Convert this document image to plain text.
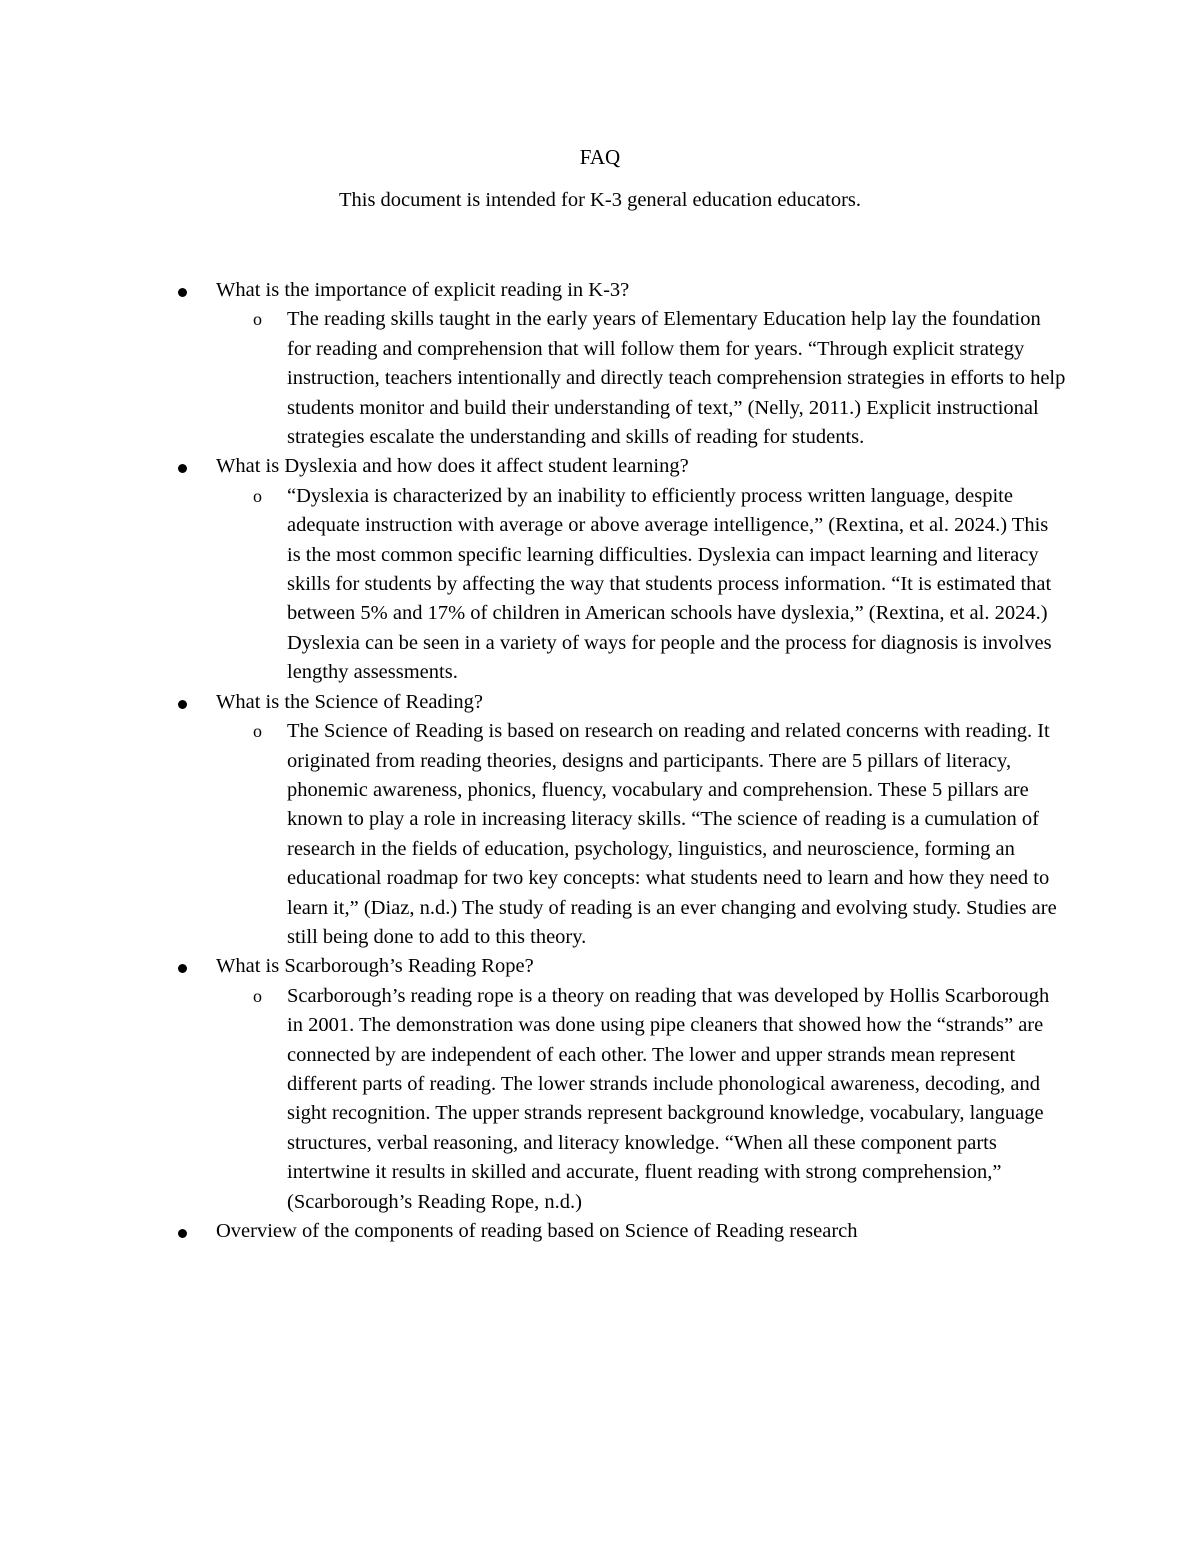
FAQ
This document is intended for K-3 general education educators.
What is the importance of explicit reading in K-3?
o The reading skills taught in the early years of Elementary Education help lay the foundation for reading and comprehension that will follow them for years. “Through explicit strategy instruction, teachers intentionally and directly teach comprehension strategies in efforts to help students monitor and build their understanding of text,” (Nelly, 2011.) Explicit instructional strategies escalate the understanding and skills of reading for students.
What is Dyslexia and how does it affect student learning?
o “Dyslexia is characterized by an inability to efficiently process written language, despite adequate instruction with average or above average intelligence,” (Rextina, et al. 2024.) This is the most common specific learning difficulties. Dyslexia can impact learning and literacy skills for students by affecting the way that students process information. “It is estimated that between 5% and 17% of children in American schools have dyslexia,” (Rextina, et al. 2024.) Dyslexia can be seen in a variety of ways for people and the process for diagnosis is involves lengthy assessments.
What is the Science of Reading?
o The Science of Reading is based on research on reading and related concerns with reading. It originated from reading theories, designs and participants. There are 5 pillars of literacy, phonemic awareness, phonics, fluency, vocabulary and comprehension. These 5 pillars are known to play a role in increasing literacy skills. “The science of reading is a cumulation of research in the fields of education, psychology, linguistics, and neuroscience, forming an educational roadmap for two key concepts: what students need to learn and how they need to learn it,” (Diaz, n.d.) The study of reading is an ever changing and evolving study. Studies are still being done to add to this theory.
What is Scarborough’s Reading Rope?
o Scarborough’s reading rope is a theory on reading that was developed by Hollis Scarborough in 2001. The demonstration was done using pipe cleaners that showed how the “strands” are connected by are independent of each other. The lower and upper strands mean represent different parts of reading. The lower strands include phonological awareness, decoding, and sight recognition. The upper strands represent background knowledge, vocabulary, language structures, verbal reasoning, and literacy knowledge. “When all these component parts intertwine it results in skilled and accurate, fluent reading with strong comprehension,” (Scarborough’s Reading Rope, n.d.)
Overview of the components of reading based on Science of Reading research
